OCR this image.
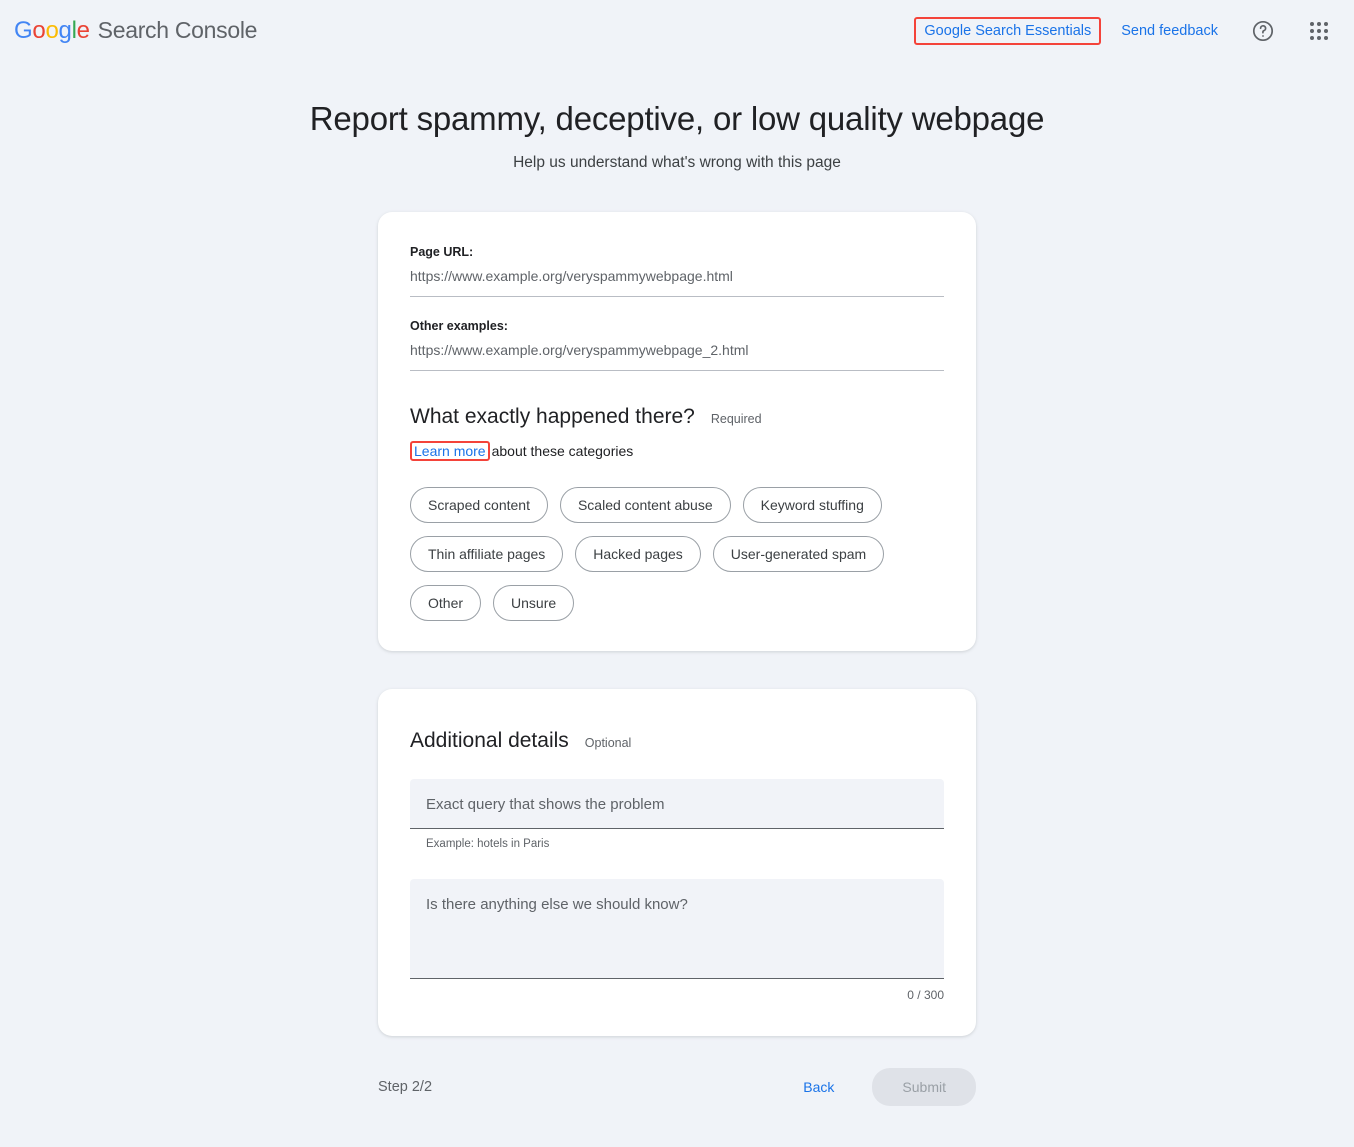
G o o g l e Search Console	Google Search Essentials	Send feedback
Report spammy, deceptive, or low quality webpage
Help us understand what's wrong with this page
Page URL:
https://www.example.org/veryspammywebpage.html
Other examples:
https://www.example.org/veryspammywebpage_2.html
What exactly happened there? Required
Learn more about these categories
Scraped content	Scaled content abuse	Keyword stuffing
Thin affiliate pages	Hacked pages	User-generated spam
Other	Unsure
Additional details Optional
Exact query that shows the problem
Example: hotels in Paris
Is there anything else we should know?
0 / 300
Step 2/2	Back	Submit
